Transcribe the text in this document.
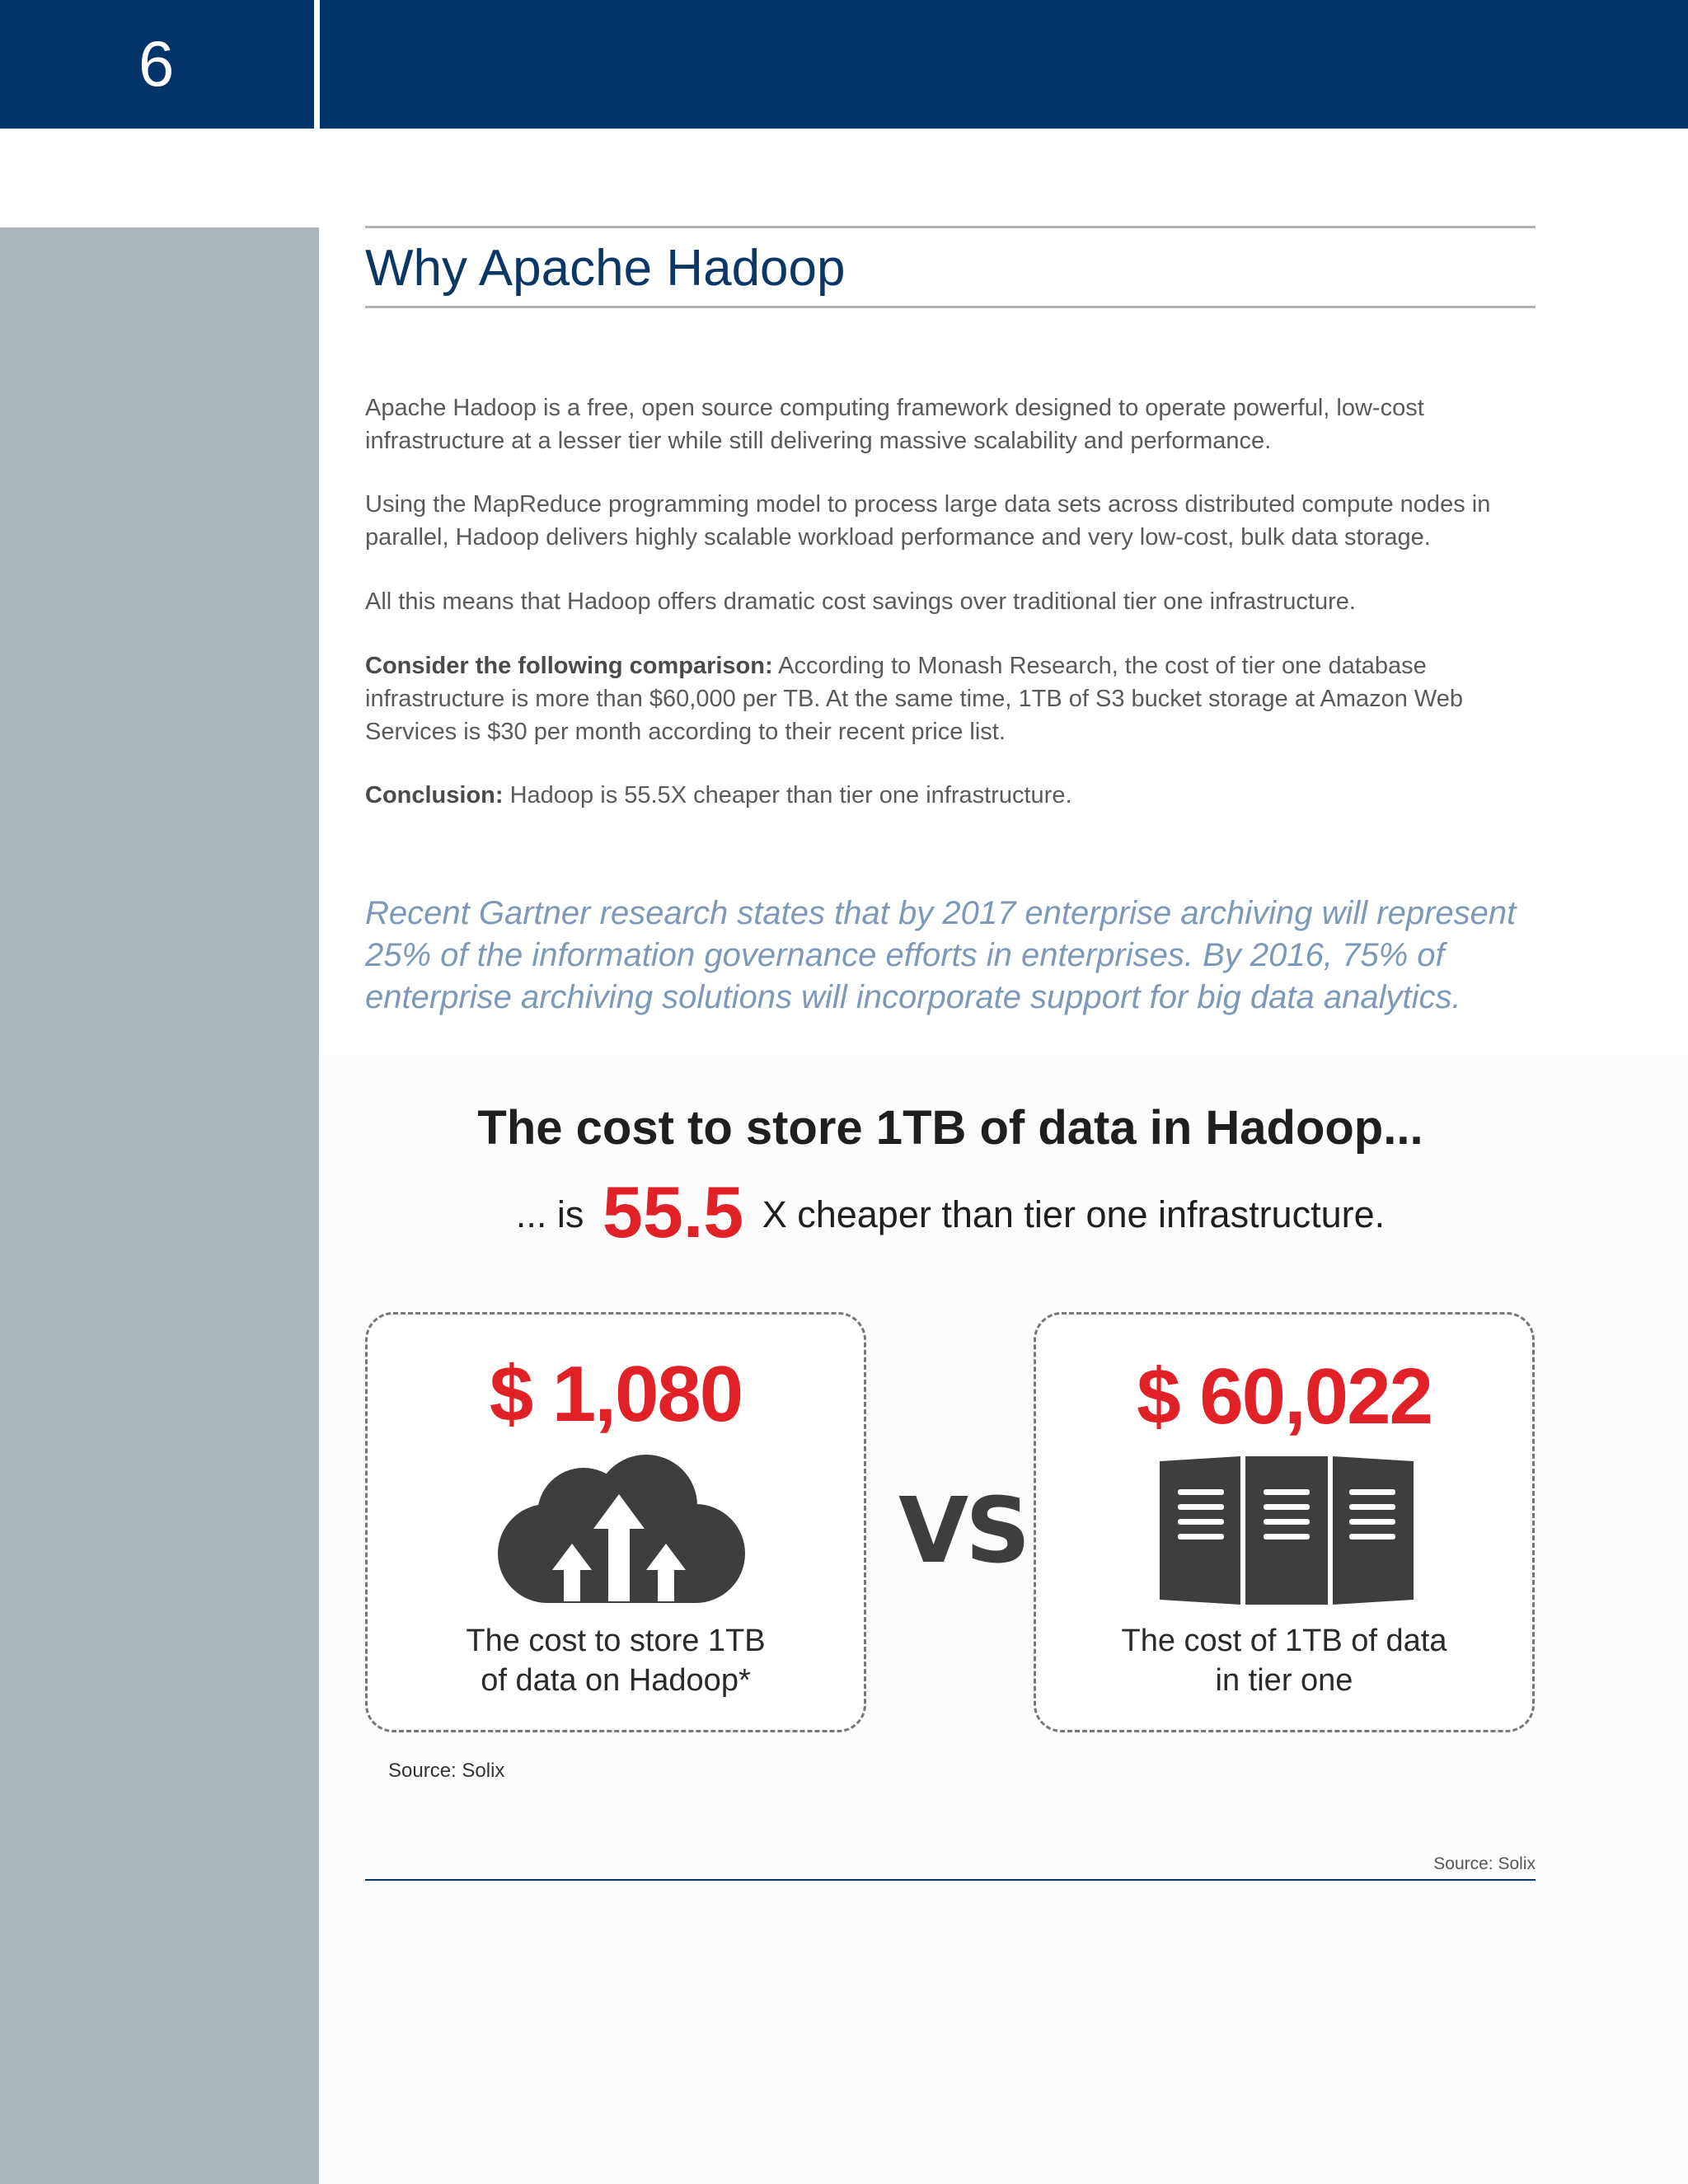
6
Why Apache Hadoop

Apache Hadoop is a free, open source computing framework designed to operate powerful, low-cost infrastructure at a lesser tier while still delivering massive scalability and performance.

Using the MapReduce programming model to process large data sets across distributed compute nodes in parallel, Hadoop delivers highly scalable workload performance and very low-cost, bulk data storage.

All this means that Hadoop offers dramatic cost savings over traditional tier one infrastructure.

Consider the following comparison: According to Monash Research, the cost of tier one database infrastructure is more than $60,000 per TB. At the same time, 1TB of S3 bucket storage at Amazon Web Services is $30 per month according to their recent price list.

Conclusion: Hadoop is 55.5X cheaper than tier one infrastructure.

Recent Gartner research states that by 2017 enterprise archiving will represent 25% of the information governance efforts in enterprises. By 2016, 75% of enterprise archiving solutions will incorporate support for big data analytics.
The cost to store 1TB of data in Hadoop...
... is 55.5 X cheaper than tier one infrastructure.
$ 1,080
The cost to store 1TB
of data on Hadoop*
VS
$ 60,022
The cost of 1TB of data
in tier one
Source: Solix
Source: Solix
